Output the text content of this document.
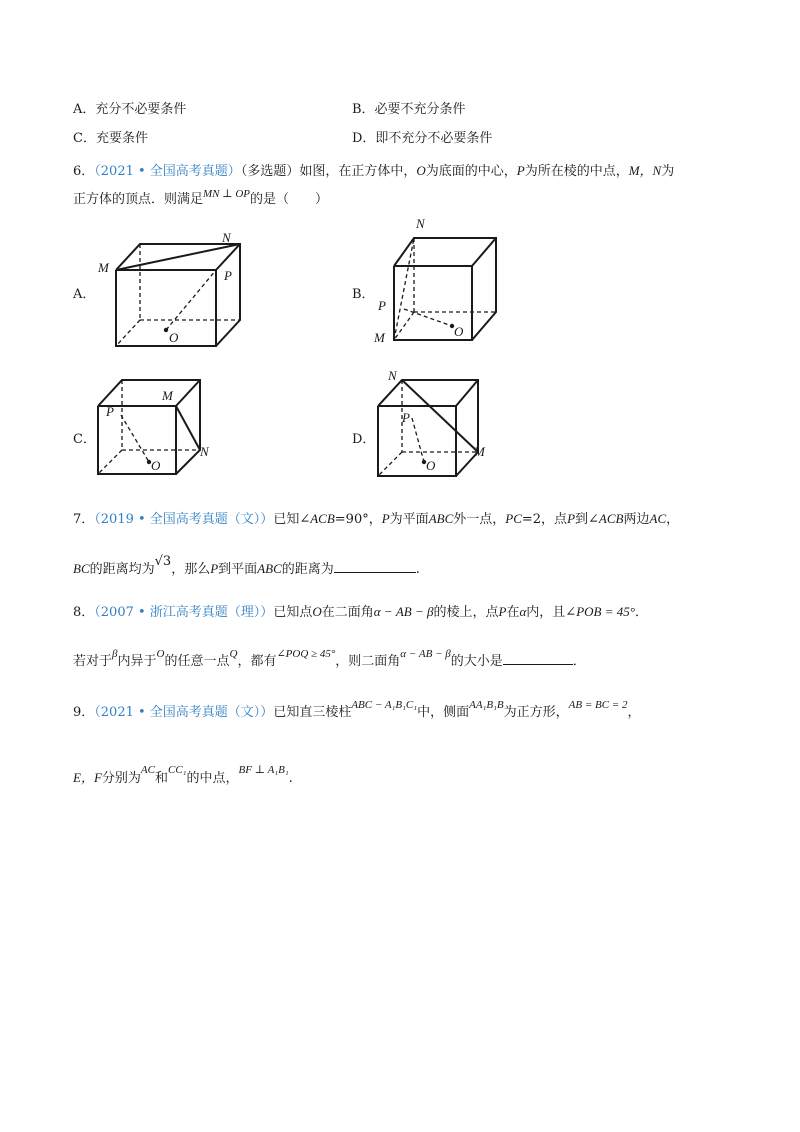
A．充分不必要条件	B．必要不充分条件
C．充要条件	D．即不充分不必要条件
6．（2021 • 全国高考真题）（多选题）如图，在正方体中，O为底面的中心，P为所在棱的中点，M，N为
正方体的顶点．则满足$^{MN \perp OP}$的是（　　）
A．	B．
C．	D．
M
N
P
O
N
P
M	O
P
M
N
O
N
P
M
O
7．（2019 • 全国高考真题（文））已知∠ACB=90°，P为平面ABC外一点，PC=2，点P到∠ACB两边AC，
BC的距离均为√3，那么P到平面ABC的距离为	.
8．（2007 • 浙江高考真题（理））已知点O在二面角α − AB − β的棱上，点P在α内，且∠POB = 45°．
若对于$^\beta$内异于$^O$的任意一点$^Q$，都有$^{\angle POQ \ge 45^\circ}$，则二面角$^{\alpha - AB - \beta}$的大小是	．
9．（2021 • 全国高考真题（文））已知直三棱柱$^{ABC - A_1B_1C_1}$中，侧面$^{AA_1B_1B}$为正方形，$^{AB = BC = 2}$，
E，F分别为$^{AC}$和$^{CC_1}$的中点，$^{BF \perp A_1B_1}$.
